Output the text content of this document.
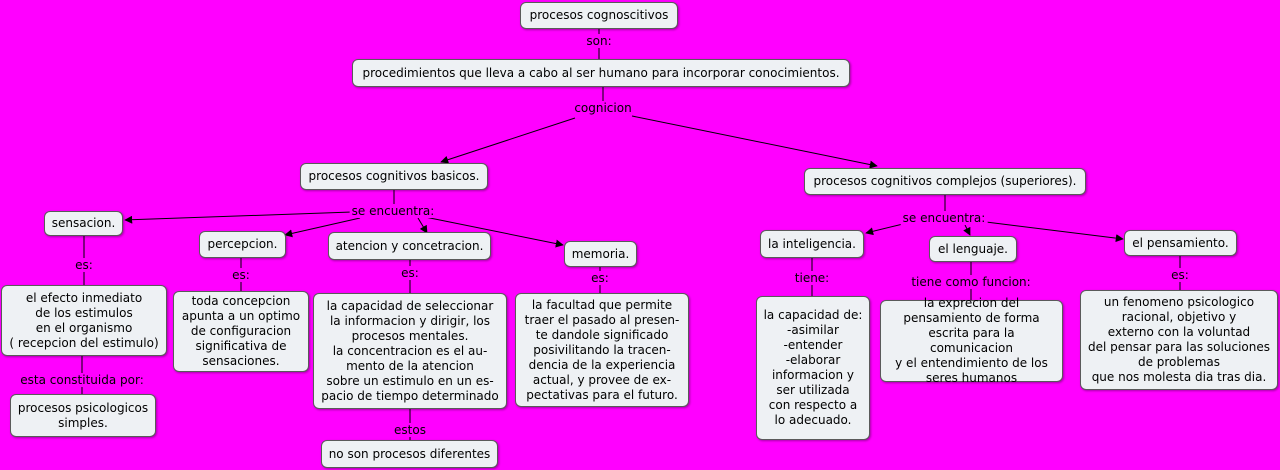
son:
cognicion
se encuentra:	se encuentra:
es:
es:	es:	es:
esta constituida por:
estos
tiene:	tiene como funcion:	es:
procesos cognoscitivos
procedimientos que lleva a cabo al ser humano para incorporar conocimientos.
procesos cognitivos basicos.	procesos cognitivos complejos (superiores).
sensacion.
percepcion.	atencion y concetracion.
memoria.
el efecto inmediato
de los estimulos
en el organismo
( recepcion del estimulo)
toda concepcion
apunta a un optimo
de configuracion
significativa de
sensaciones.
la capacidad de seleccionar
la informacion y dirigir, los
procesos mentales.
la concentracion es el au-
mento de la atencion
sobre un estimulo en un es-
pacio de tiempo determinado
la facultad que permite
traer el pasado al presen-
te dandole significado
posivilitando la tracen-
dencia de la experiencia
actual, y provee de ex-
pectativas para el futuro.
procesos psicologicos
simples.
no son procesos diferentes
la inteligencia.	el lenguaje.	el pensamiento.
la capacidad de:
-asimilar
-entender
-elaborar
informacion y
ser utilizada
con respecto a
lo adecuado.
la exprecion del
pensamiento de forma
escrita para la comunicacion
y el entendimiento de los
seres humanos
un fenomeno psicologico
racional, objetivo y
externo con la voluntad
del pensar para las soluciones
de problemas
que nos molesta dia tras dia.
